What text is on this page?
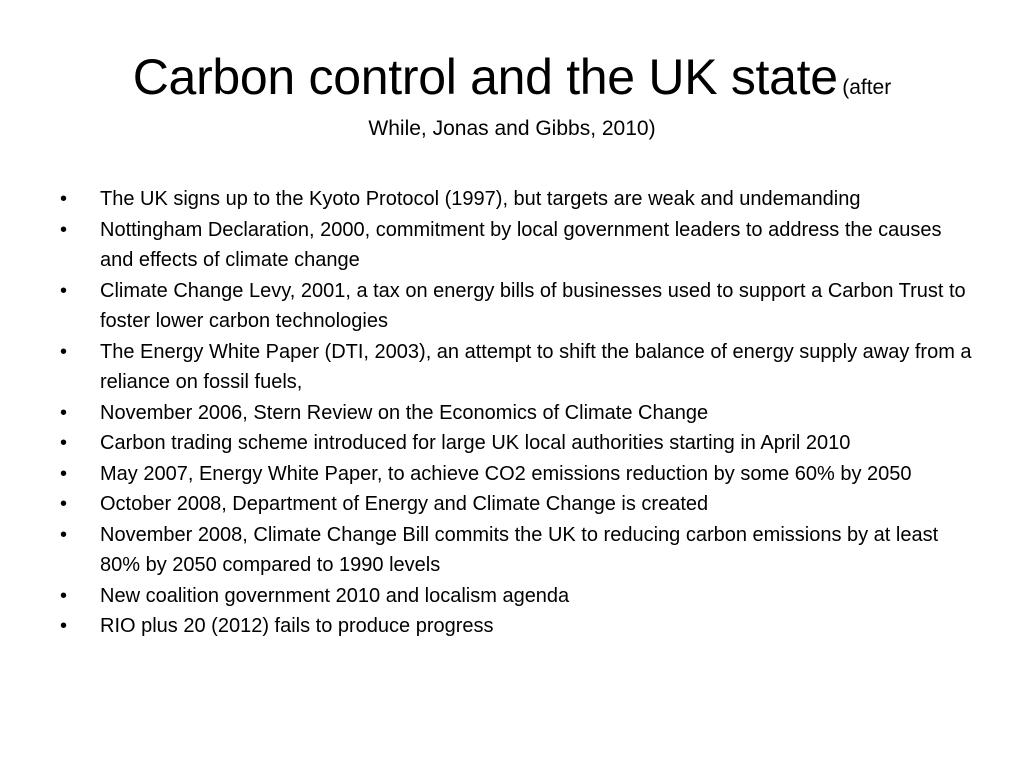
Carbon control and the UK state (after
While, Jonas and Gibbs, 2010)
• The UK signs up to the Kyoto Protocol (1997), but targets are weak and undemanding
• Nottingham Declaration, 2000, commitment by local government leaders to address the causes and effects of climate change
• Climate Change Levy, 2001, a tax on energy bills of businesses used to support a Carbon Trust to foster lower carbon technologies
• The Energy White Paper (DTI, 2003), an attempt to shift the balance of energy supply away from a reliance on fossil fuels,
• November 2006, Stern Review on the Economics of Climate Change
• Carbon trading scheme introduced for large UK local authorities starting in April 2010
• May 2007, Energy White Paper, to achieve CO2 emissions reduction by some 60% by 2050
• October 2008, Department of Energy and Climate Change is created
• November 2008, Climate Change Bill commits the UK to reducing carbon emissions by at least 80% by 2050 compared to 1990 levels
• New coalition government 2010 and localism agenda
• RIO plus 20 (2012) fails to produce progress
